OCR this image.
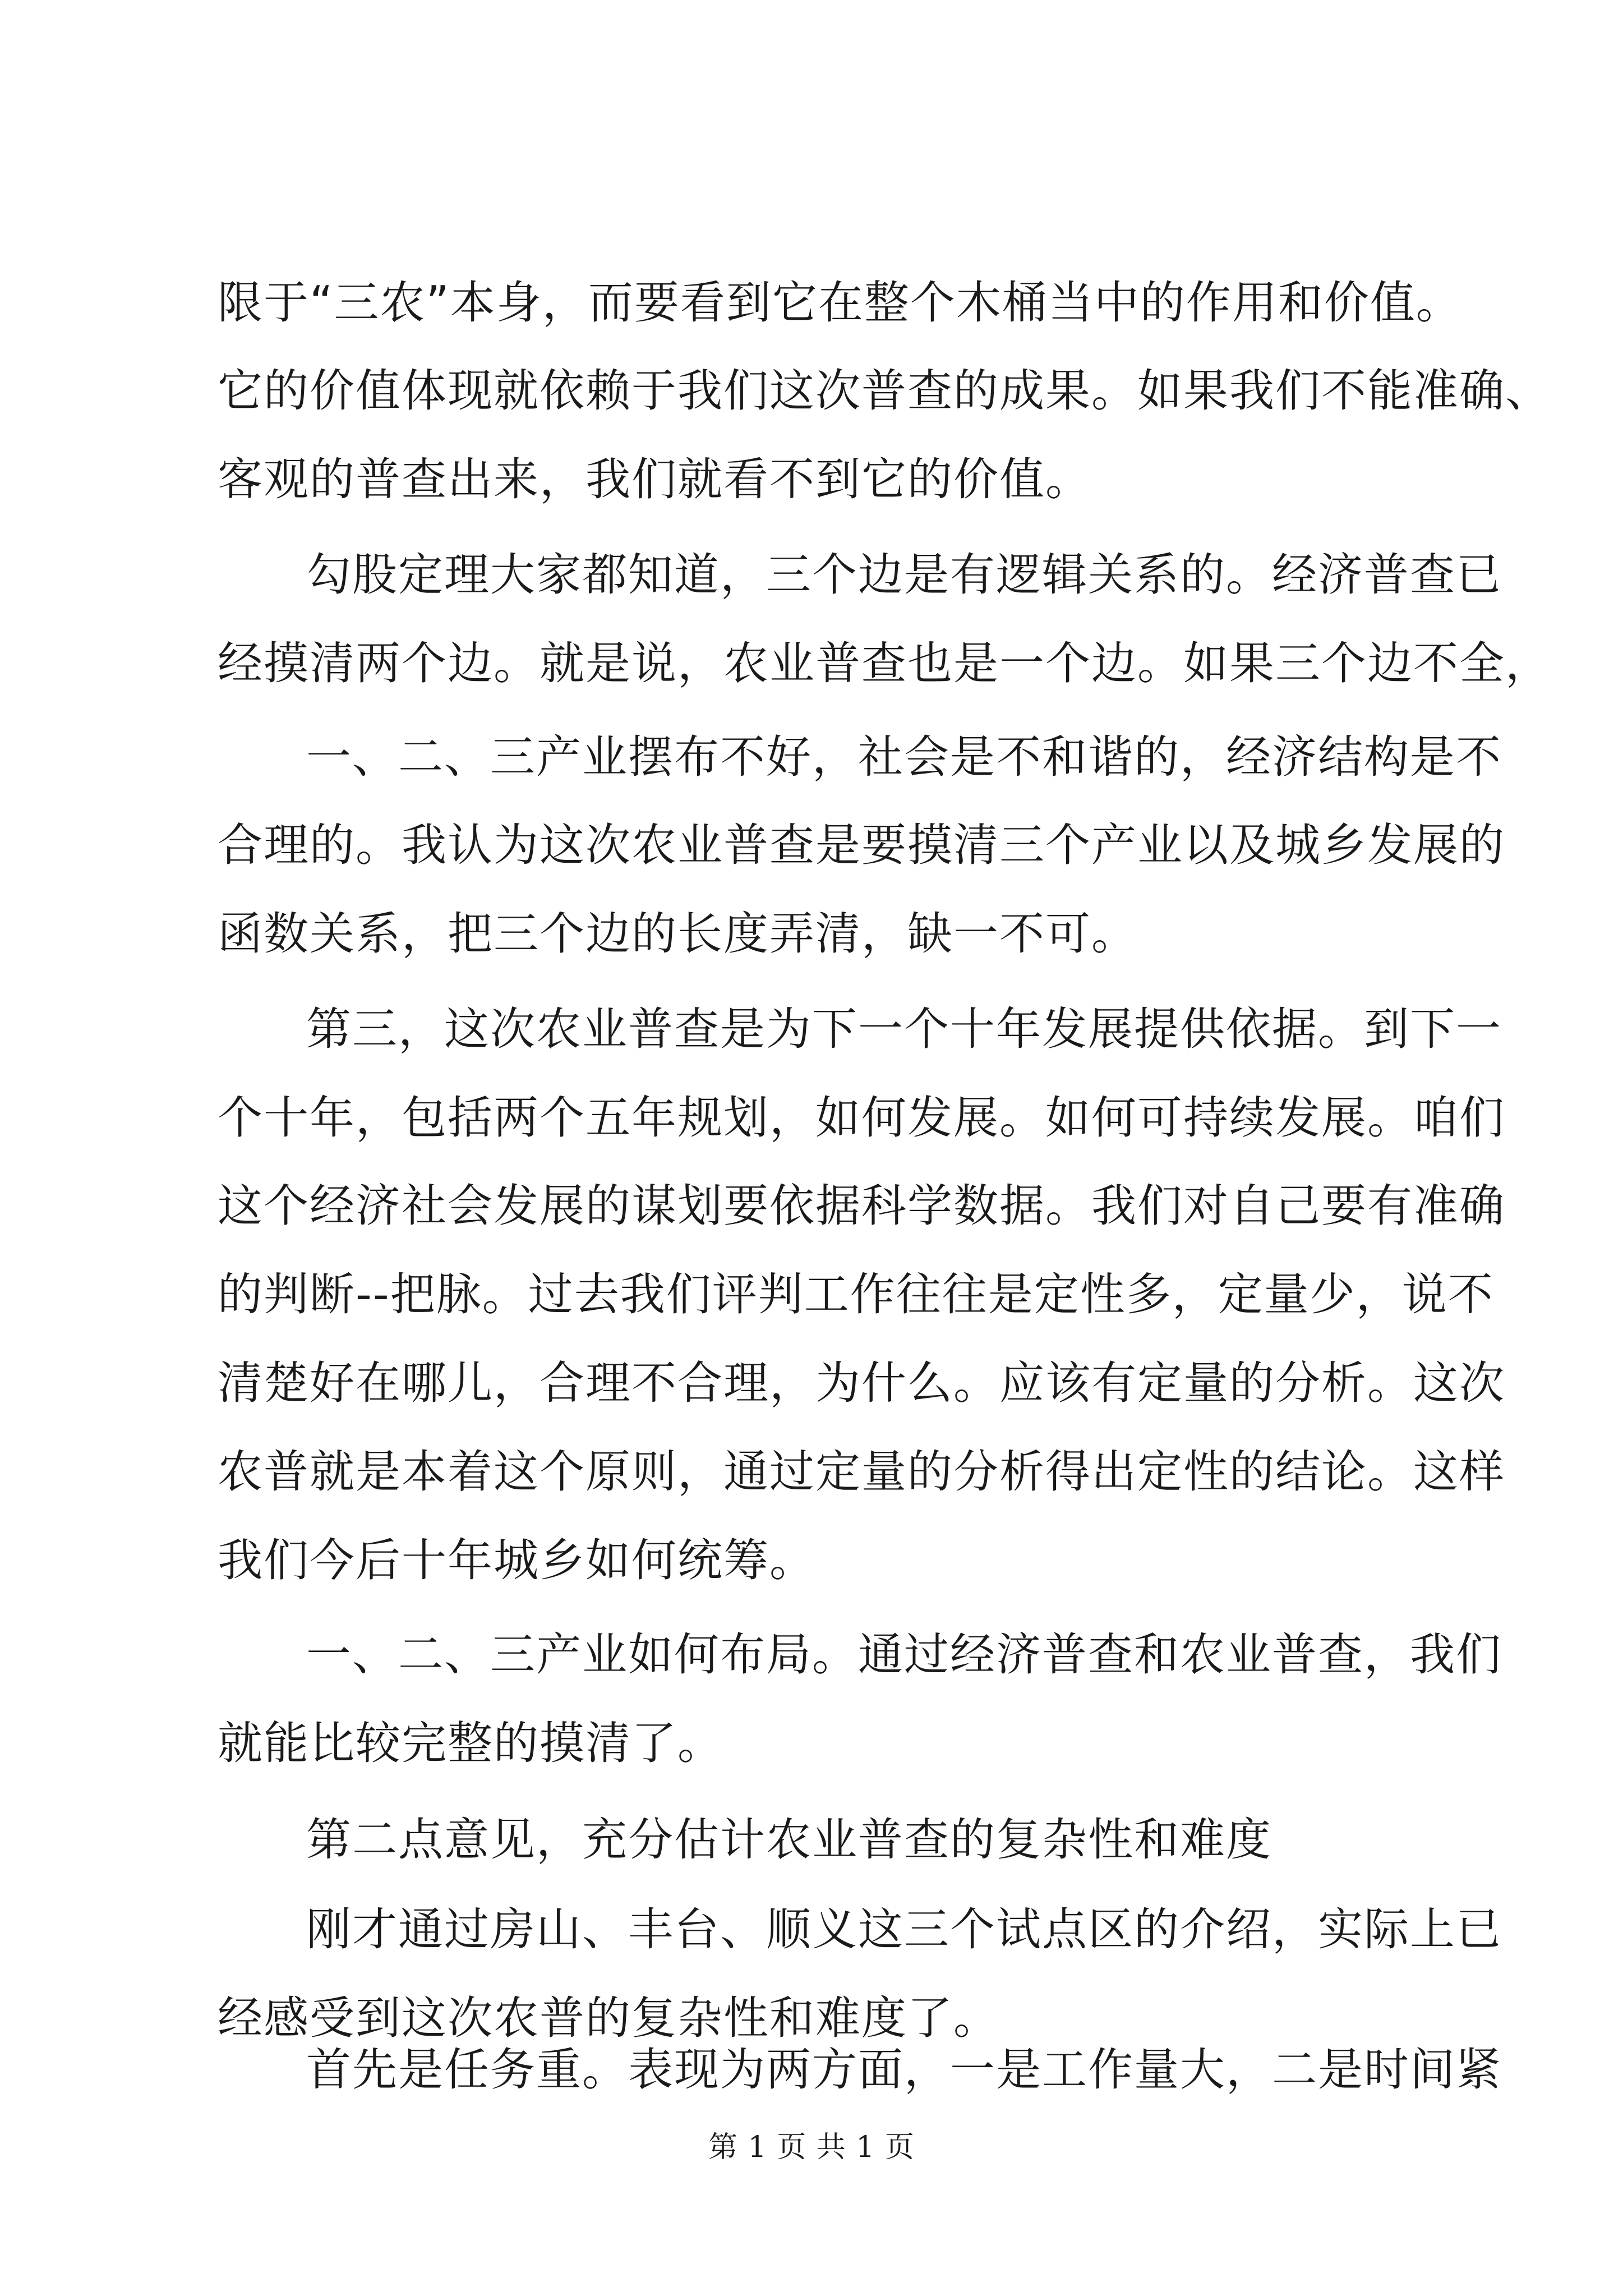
限于“三农”本身，而要看到它在整个木桶当中的作用和价值。
它的价值体现就依赖于我们这次普查的成果。如果我们不能准确、
客观的普查出来，我们就看不到它的价值。
勾股定理大家都知道，三个边是有逻辑关系的。经济普查已
经摸清两个边。就是说，农业普查也是一个边。如果三个边不全，
一、二、三产业摆布不好，社会是不和谐的，经济结构是不
合理的。我认为这次农业普查是要摸清三个产业以及城乡发展的
函数关系，把三个边的长度弄清，缺一不可。
第三，这次农业普查是为下一个十年发展提供依据。到下一
个十年，包括两个五年规划，如何发展。如何可持续发展。咱们
这个经济社会发展的谋划要依据科学数据。我们对自己要有准确
的判断--把脉。过去我们评判工作往往是定性多，定量少，说不
清楚好在哪儿，合理不合理，为什么。应该有定量的分析。这次
农普就是本着这个原则，通过定量的分析得出定性的结论。这样
我们今后十年城乡如何统筹。
一、二、三产业如何布局。通过经济普查和农业普查，我们
就能比较完整的摸清了。
第二点意见，充分估计农业普查的复杂性和难度
刚才通过房山、丰台、顺义这三个试点区的介绍，实际上已
经感受到这次农普的复杂性和难度了。
首先是任务重。表现为两方面，一是工作量大，二是时间紧
第 1 页 共 1 页
